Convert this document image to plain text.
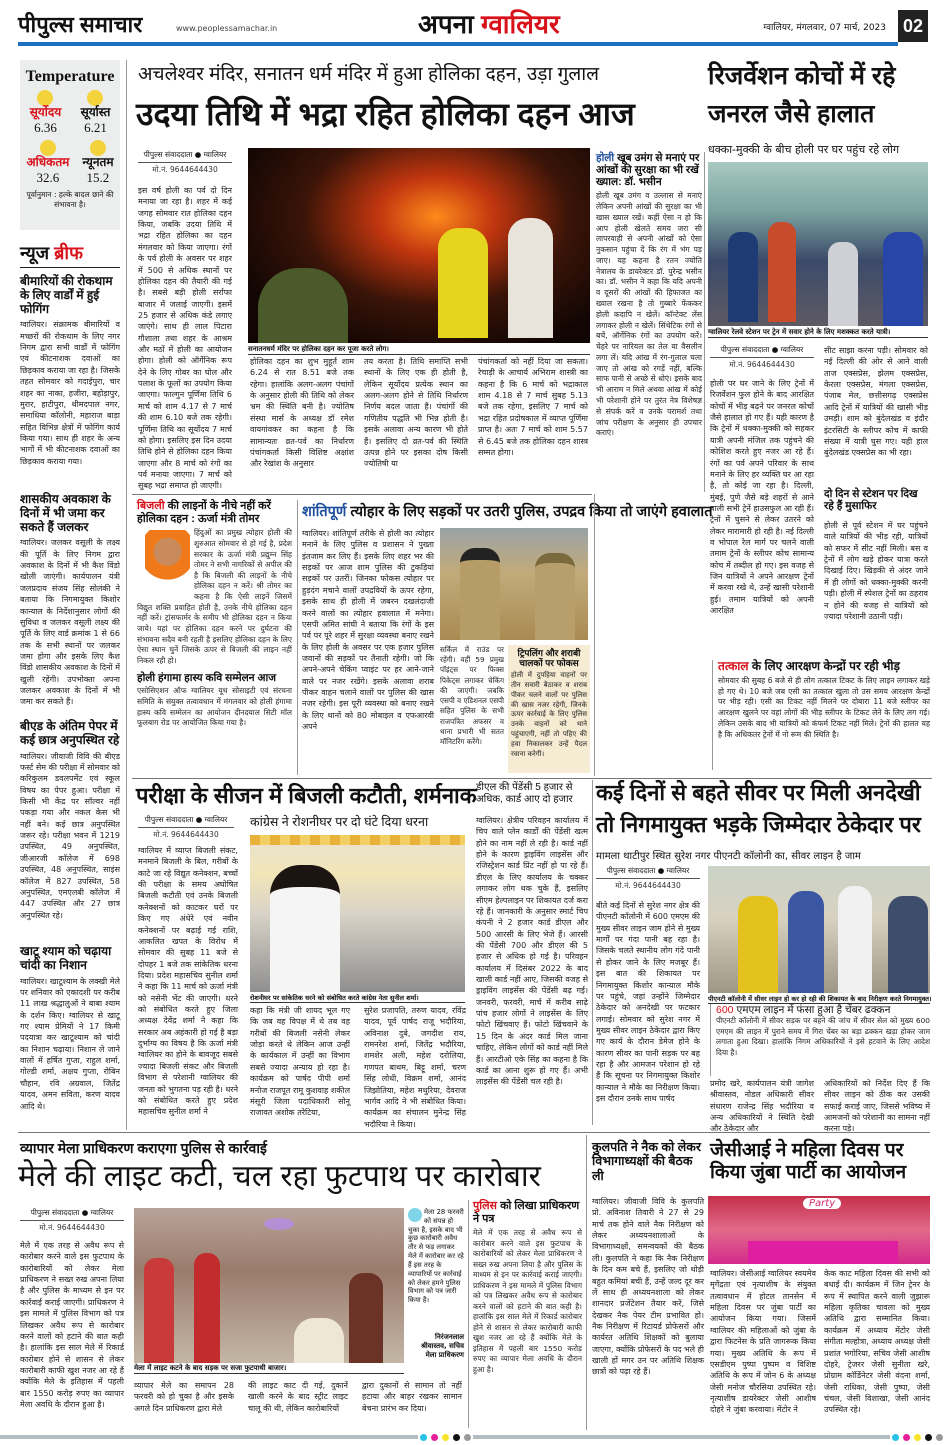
पीपुल्स समाचार	www.peoplessamachar.in	अपना ग्वालियर	ग्वालियर, मंगलवार, 07 मार्च, 2023 02
Temperature
सूर्योदय
6.36
सूर्यास्त
6.21
अधिकतम
32.6
न्यूनतम
15.2
पूर्वानुमान : हल्के बादल छाने की संभावना है।
न्यूज ब्रीफ
बीमारियों की रोकथाम के लिए वार्डों में हुई फोगिंग
ग्वालियर। संक्रामक बीमारियों व मच्छरों की रोकथाम के लिए नगर निगम द्वारा सभी वार्डों में फोगिंग एवं कीटनाशक दवाओं का छिड़काव कराया जा रहा है। जिसके तहत सोमवार को गदाईपुरा, चार शहर का नाका, हजीरा, बहोड़ापुर, मुरार, हाटीपुरा, थीमदपाल नगर, समाधिया कॉलोनी, महाराज बाड़ा सहित विभिन्न क्षेत्रों में फोगिंग कार्य किया गया। साथ ही शहर के अन्य भागों में भी कीटनाशक दवाओं का छिड़काव कराया गया।
शासकीय अवकाश के दिनों में भी जमा कर सकते हैं जलकर
ग्वालियर। जलकर वसूली के लक्ष्य की पूर्ति के लिए निगम द्वारा अवकाश के दिनों में भी कैश विंडो खोली जाएंगी। कार्यपालन यंत्री जलप्रदाय संजय सिंह सोलंकी ने बताया कि निगमायुक्त किशोर कान्याल के निर्देशानुसार लोगों की सुविधा व जलकर वसूली लक्ष्य की पूर्ति के लिए वार्ड क्रमांक 1 से 66 तक के सभी स्थानों पर जलकर जमा होगा और इसके लिए कैश विंडो शासकीय अवकाश के दिनों में खुली रहेंगी। उपभोक्ता अपना जलकर अवकाश के दिनों में भी जमा कर सकते हैं।
बीएड के अंतिम पेपर में कई छात्र अनुपस्थित रहे
ग्वालियर। जीवाजी विवि की बीएड फर्स्ट सेम की परीक्षा में सोमवार को करिकुलम डवलपमेंट एवं स्कूल विषय का पेपर हुआ। परीक्षा में किसी भी केंद्र पर सॉल्वर नहीं पकड़ा गया और नकल केस भी नहीं बने। कई छात्र अनुपस्थित जरूर रहे। परीक्षा भवन में 1219 उपस्थित, 49 अनुपस्थित, जीआरजी कॉलेज में 698 उपस्थित, 48 अनुपस्थित, साइंस कॉलेज में 827 उपस्थित, 58 अनुपस्थित, एमएलबी कॉलेज में 447 उपस्थित और 27 छात्र अनुपस्थित रहे।
खाटू श्याम को चढ़ाया चांदी का निशान
ग्वालियर। खाटूश्याम के लक्खी मेले पर शनिवार को एकादशी पर करीब 11 लाख श्रद्धालुओं ने बाबा श्याम के दर्शन किए। ग्वालियर से खाटू गए श्याम प्रेमियों ने 17 किमी पदयात्रा कर खाटूश्याम को चांदी का निशान चढ़ाया। निशान ले जाने वालों में हर्षित गुप्ता, राहुल शर्मा, गोल्डी शर्मा, अक्षय गुप्ता, रोबिन चौहान, रवि अग्रवाल, जितेंद्र यादव, अमन सविता, करण यादव आदि थे।
अचलेश्वर मंदिर, सनातन धर्म मंदिर में हुआ होलिका दहन, उड़ा गुलाल
उदया तिथि में भद्रा रहित होलिका दहन आज
पीपुल्स संवाददाता ● ग्वालियर
मो.नं. 9644644430
इस वर्ष होली का पर्व दो दिन मनाया जा रहा है। शहर में कई जगह सोमवार रात होलिका दहन किया, जबकि उदया तिथि में भद्रा रहित होलिका का दहन मंगलवार को किया जाएगा। रंगों के पर्व होली के अवसर पर शहर में 500 से अधिक स्थानों पर होलिका दहन की तैयारी की गई है। सबसे बड़ी होली सर्राफा बाजार में जलाई जाएगी। इसमें 25 हजार से अधिक कंडे लगाए जाएंगे। साथ ही लाल पिटारा गौशाला तथा शहर के आश्रम और मठों में होली का आयोजन होगा। होली को ऑर्गेनिक रूप देने के लिए गोबर का घोल और पलाश के फूलों का उपयोग किया जाएगा। फाल्गुन पूर्णिमा तिथि 6 मार्च को शाम 4.17 से 7 मार्च की शाम 6.10 बजे तक रहेगी। पूर्णिमा तिथि का सूर्योदय 7 मार्च को होगा। इसलिए इस दिन उदया तिथि होने से होलिका दहन किया जाएगा और 8 मार्च को रंगों का पर्व मनाया जाएगा। 7 मार्च को सुबह भद्रा समाप्त हो जाएगी।
सनातनधर्म मंदिर पर होलिका दहन कर पूजा करते लोग।
होलिका दहन का शुभ मुहूर्त शाम 6.24 से रात 8.51 बजे तक रहेगा। हालांकि अलग-अलग पंचांगों के अनुसार होली की तिथि को लेकर भ्रम की स्थिति बनी है। ज्योतिष संस्था मार्स के अध्यक्ष डॉ रमेश वायगांवकर का कहना है कि सामान्यतः व्रत-पर्व का निर्धारण पंचांगकर्ता किसी विशिष्ट अक्षांश और रेखांश के अनुसार
तय करता है। तिथि समाप्ति सभी स्थानों के लिए एक ही होती है, लेकिन सूर्योदय प्रत्येक स्थान का अलग-अलग होने से तिथि निर्धारण निर्णय बदल जाता है। पंचांगों की गणितीय पद्धति भी भिन्न होती है। इसके अलावा अन्य कारण भी होते हैं। इसलिए दो व्रत-पर्व की स्थिति उत्पन्न होने पर इसका दोष किसी ज्योतिषी या
पंचांगकर्ता को नहीं दिया जा सकता। रेचाड़ी के आचार्य अभिराम शास्त्री का कहना है कि 6 मार्च को भद्राकाल शाम 4.18 से 7 मार्च सुबह 5.13 बजे तक रहेगा, इसलिए 7 मार्च को भद्रा रहित प्रदोषकाल में व्याप्त पूर्णिमा प्राप्त है। अतः 7 मार्च को शाम 5.57 से 6.45 बजे तक होलिका दहन शास्त्र सम्मत होगा।
रिजर्वेशन कोचों में रहे
जनरल जैसे हालात
धक्का-मुक्की के बीच होली पर घर पहुंच रहे लोग
होली खूब उमंग से मनाएं पर आंखों की सुरक्षा का भी रखें ख्याल: डॉ. भसीन
होली खूब उमंग व उल्लास से मनाएं लेकिन अपनी आंखों की सुरक्षा का भी खास ख्याल रखें। कहीं ऐसा न हो कि आप होली खेलते समय जरा सी लापरवाही से अपनी आंखों को ऐसा नुकसान पहुंचा दें कि रंग में भंग पड़ जाए। यह कहना है रतन ज्योति नेत्रालय के डायरेक्टर डॉ. पुरेन्द्र भसीन का। डॉ. भसीन ने कहा कि यदि अपनी व दूसरों की आंखों की हिफाजत का ख्याल रखना है तो गुब्बारे फेंककर होली कदापि न खेलें। कॉन्टेक्ट लेंस लगाकर होली न खेलें। सिंथेटिक रंगों से बचें, ऑर्गेनिक रंगों का उपयोग करें। चेहरे पर नारियल का तेल या वैसलीन लगा लें। यदि आंख में रंग-गुलाल चला जाए तो आंख को रगड़ें नहीं, बल्कि साफ पानी से अच्छे से धोएं। इसके बाद भी आराम न मिले अथवा आंख में कोई भी परेशानी होने पर तुरंत नेत्र विशेषज्ञ से संपर्क करें व उनके परामर्श तथा जांच परीक्षण के अनुसार ही उपचार कराएं।
ग्वालियर रेलवे स्टेशन पर ट्रेन में सवार होने के लिए मशक्कत करते यात्री।
पीपुल्स संवाददाता ● ग्वालियर
मो.नं. 9644644430
होली पर घर जाने के लिए ट्रेनों में रिजर्वेशन फुल होने के बाद आरक्षित कोचों में भीड़ बढ़ने पर जनरल कोचों जैसे हालात हो गए हैं। यही कारण है कि ट्रेनों में धक्का-मुक्की को सहकर यात्री अपनी मंजिल तक पहुंचने की कोशिश करते हुए नजर आ रहे हैं। रंगों का पर्व अपने परिवार के साथ मनाने के लिए हर व्यक्ति घर आ रहा है, तो कोई जा रहा है। दिल्ली, मुंबई, पुणे जैसे बड़े शहरों से आने वाली सभी ट्रेनें हाउसफुल आ रही हैं। ट्रेनों में घुसने से लेकर उतरने को लेकर मारामारी हो रही है। नई दिल्ली व भोपाल रेल मार्ग पर चलने वाली तमाम ट्रेनों के स्लीपर कोच सामान्य कोच में तब्दील हो गए। इस वजह से जिन यात्रियों ने अपने आरक्षण ट्रेनों में करवा रखे थे, उन्हें खासी परेशानी हुई। तमाम यात्रियों को अपनी आरक्षित
सीट साझा करना पड़ी। सोमवार को नई दिल्ली की ओर से आने वाली ताज एक्सप्रेस, झेलम एक्सप्रेस, केरला एक्सप्रेस, मंगला एक्सप्रेस, पंजाब मेल, छत्तीसगढ़ एक्सप्रेस आदि ट्रेनों में यात्रियों की खासी भीड़ उमड़ी। शाम को बुंदेलखंड व इंदौर इंटरसिटी के स्लीपर कोच में काफी संख्या में यात्री घुस गए। यही हाल बुंदेलखंड एक्सप्रेस का भी रहा।
दो दिन से स्टेशन पर दिख रहे हैं मुसाफिर
होली से पूर्व स्टेशन में घर पहुंचने वाले यात्रियों की भीड़ रही, यात्रियों को सफर में सीट नहीं मिली। बस व ट्रेनों में लोग खड़े होकर यात्रा करते दिखाई दिए। खिड़की से अंदर जाने में ही लोगों को धक्का-मुक्की करनी पड़ी। होली में स्पेशल ट्रेनों का ठहराव न होने की वजह से यात्रियों को ज्यादा परेशानी उठानी पड़ी।
तत्काल के लिए आरक्षण केन्द्रों पर रही भीड़
सोमवार की सुबह 6 बजे से ही लोग तत्काल टिकट के लिए लाइन लगाकर खड़े हो गए थे। 10 बजे जब एसी का तत्काल खुला तो उस समय आरक्षण केन्द्रों पर भीड़ रही। एसी का टिकट नहीं मिलने पर दोबारा 11 बजे स्लीपर का आरक्षण खुलने पर वहां लोगों की भीड़ स्लीपर के टिकट लेने के लिए लग गई। लेकिन उसके बाद भी यात्रियों को कंफर्म टिकट नहीं मिले। ट्रेनों की हालत यह है कि अधिकतर ट्रेनों में नो रूम की स्थिति है।
बिजली की लाइनों के नीचे नहीं करें होलिका दहन : ऊर्जा मंत्री तोमर
हिंदुओं का प्रमुख त्योहार होली की शुरुआत सोमवार से हो गई है, प्रदेश सरकार के ऊर्जा मंत्री प्रद्युम्न सिंह तोमर ने सभी नागरिकों से अपील की है कि बिजली की लाइनों के नीचे होलिका दहन न करें। श्री तोमर का कहना है कि ऐसी लाइनें जिसमें विद्युत शक्ति प्रवाहित होती है, उनके नीचे होलिका दहन नहीं करें। ट्रांसफार्मर के समीप भी होलिका दहन न किया जाये। यहां पर होलिका दहन करने पर दुर्घटना की संभावना सदैव बनी रहती है इसलिए होलिका दहन के लिए ऐसा स्थान चुनें जिसके ऊपर से बिजली की लाइन नहीं निकल रही हो।
होली हंगामा हास्य कवि सम्मेलन आज
एसोसिएशन ऑफ ग्वालियर यूथ सोसाइटी एवं संरचना समिति के संयुक्त तत्वावधान में मंगलवार को होली हंगामा हास्य कवि सम्मेलन का आयोजन दीनदयाल सिटी मॉल फूलबाग रोड पर आयोजित किया गया है।
शांतिपूर्ण त्योहार के लिए सड़कों पर उतरी पुलिस, उपद्रव किया तो जाएंगे हवालात
ग्वालियर। शांतिपूर्ण तरीके से होली का त्योहार मनाने के लिए पुलिस व प्रशासन ने पुख्ता इंतजाम कर लिए हैं। इसके लिए शहर भर की सड़कों पर आज शाम पुलिस की टुकड़ियां सड़कों पर उतरीं। जिनका फोकस त्योहार पर हुड़दंग मचाने वालों उपद्रवियों के ऊपर रहेगा, इसके साथ ही होली में जबरन दखलंदाजी करने वालों का त्योहार हवालात में मनेगा। एसपी अमित सांघी ने बताया कि रंगों के इस पर्व पर पूरे शहर में सुरक्षा व्यवस्था बनाए रखने के लिए होली के अवसर पर एक हजार पुलिस जवानों की सड़कों पर तैनाती रहेगी। जो कि अपने-अपने चेकिंग प्वाइंट पर हर आने-जाने वाले पर नजर रखेंगे। इसके अलावा शराब पीकर वाहन चलाने वालों पर पुलिस की खास नजर रहेगी। इस पूरी व्यवस्था को बनाए रखने के लिए थानों को 80 मोबाइल व एफआरवी अपने
सर्किल में राउंड पर रहेंगी। वहीं 59 प्रमुख पॉइंट्स पर फिक्स पिकेट्स लगाकर चेकिंग की जाएगी। जबकि एसपी व एडिशनल एसपी सहित पुलिस के सभी राजपत्रित अफसर व थाना प्रभारी भी सतत मॉनिटरिंग करेंगे।
ट्रिपलिंग और शराबी चालकों पर फोकस
होली में दुपहिया वाहनों पर तीन सवारी बैठाकर व शराब पीकर चलने वालों पर पुलिस की खास नजर रहेगी, जिनके ऊपर कार्रवाई के लिए पुलिस उनके वाहनों को थाने पहुंचाएगी, नहीं तो पहिए की हवा निकालकर उन्हें पैदल रवाना करेगी।
परीक्षा के सीजन में बिजली कटौती, शर्मनाक
पीपुल्स संवाददाता ● ग्वालियर
मो.नं. 9644644430
कांग्रेस ने रोशनीघर पर दो घंटे दिया धरना
ग्वालियर में व्याप्त बिजली संकट, मनमाने बिजली के बिल, गरीबों के काटे जा रहे विद्युत कनेक्शन, बच्चों की परीक्षा के समय अघोषित बिजली कटौती एवं उनके बिजली कनेक्शनों को काटकर घरों पर किए गए अंधेरे एवं नवीन कनेक्शनों पर बढ़ाई गई राशि, आकलित खपत के विरोध में सोमवार की सुबह 11 बजे से दोपहर 1 बजे तक सांकेतिक धरना दिया। प्रदेश महासचिव सुनील शर्मा ने कहा कि 11 मार्च को ऊर्जा मंत्री को नसेनी भेंट की जाएगी। धरने को संबोधित करते हुए जिला अध्यक्ष देवेंद्र शर्मा ने कहा कि सरकार अब अहंकारी हो गई है बड़ा दुर्भाग्य का विषय है कि ऊर्जा मंत्री ग्वालियर का होने के बावजूद सबसे ज्यादा बिजली संकट और बिजली विभाग से परेशानी ग्वालियर की जनता को भुगतना पड़ रही है। धरने को संबोधित करते हुए प्रदेश महासचिव सुनील शर्मा ने
रोशनीघर पर सांकेतिक धरने को संबोधित करते कांग्रेस नेता सुनील शर्मा।
कहा कि मंत्री जी शायद भूल गए कि जब वह विपक्ष में थे तब वह गरीबों की बिजली नसेनी लेकर जोड़ा करते थे लेकिन आज उन्हीं के कार्यकाल में उन्हीं का विभाग सबसे ज्यादा अन्याय हो रहा है। कार्यक्रम को पार्षद पीपी शर्मा मनोज राजपूत रामू कुशवाह शकील मंसूरी जिला पदाधिकारी सोनू राजावत अशोक तरेटिया,
सुरेश प्रजापति, तरुण यादव, रविंद्र यादव, पूर्व पार्षद राजू भदौरिया, अविनाश दुबे, जगदीश राय, रामनरेश शर्मा, जितेंद्र भदौरिया, शमशेर अली, महेश दरोलिया, गणपत बाथम, बिट्टू शर्मा, चरण सिंह लोधी, विक्रम शर्मा, आनंद जिझोतिया, महेश मथुरिया, देवराज भार्गव आदि ने भी संबोधित किया। कार्यक्रम का संचालन मुनेन्द्र सिंह भदौरिया ने किया।
डीएल की पेंडेंसी 5 हजार से अधिक, कार्ड आए दो हजार
ग्वालियर। क्षेत्रीय परिवहन कार्यालय में चिप वाले प्लेन कार्डों की पेंडेंसी खत्म होने का नाम नहीं ले रही है। कार्ड नहीं होने के कारण ड्राइविंग लाइसेंस और रजिस्ट्रेशन कार्ड प्रिंट नहीं हो पा रहे हैं। डीएल के लिए कार्यालय के चक्कर लगाकर लोग थक चुके हैं, इसलिए सीएम हेल्पलाइन पर शिकायत दर्ज करा रहे हैं। जानकारी के अनुसार स्मार्ट चिप कंपनी ने 2 हजार कार्ड डीएल और 500 आरसी के लिए भेजे हैं। आरसी की पेंडेंसी 700 और डीएल की 5 हजार से अधिक हो गई है। परिवहन कार्यालय में दिसंबर 2022 के बाद खाली कार्ड नहीं आए, जिसकी वजह से ड्राइविंग लाइसेंस की पेंडेंसी बढ़ गई। जनवरी, फरवरी, मार्च में करीब साढ़े पांच हजार लोगों ने लाइसेंस के लिए फोटो खिंचवाए हैं। फोटो खिंचवाने के 15 दिन के अंदर कार्ड मिल जाना चाहिए, लेकिन लोगों को कार्ड नहीं मिले हैं। आरटीओ एके सिंह का कहना है कि कार्ड का आना शुरू हो गए हैं। अभी लाइसेंस की पेंडेंसी चल रही है।
कई दिनों से बहते सीवर पर मिली अनदेखी
तो निगमायुक्त भड़के जिम्मेदार ठेकेदार पर
मामला थाटीपुर स्थित सुरेश नगर पीएनटी कॉलोनी का, सीवर लाइन है जाम
पीपुल्स संवाददाता ● ग्वालियर
मो.नं. 9644644430
बीते कई दिनों से सुरेश नगर क्षेत्र की पीएनटी कॉलोनी में 600 एमएम की मुख्य सीवर लाइन जाम होने से मुख्य मार्गों पर गंदा पानी बह रहा है। जिसके चलते स्थानीय लोग गंदे पानी से होकर जाने के लिए मजबूर हैं। इस बात की शिकायत पर निगमायुक्त किशोर कान्याल मौके पर पहुंचे, जहां उन्होंने जिम्मेदार ठेकेदार को अनदेखी पर फटकार लगाई। सोमवार को सुरेश नगर में मुख्य सीवर लाइन ठेकेदार द्वारा किए गए कार्य के दौरान डेमेज होने के कारण सीवर का पानी सड़क पर बह रहा है और आमजन परेशान हो रहे हैं कि सूचना पर निगमायुक्त किशोर कान्याल ने मौके का निरीक्षण किया। इस दौरान उनके साथ पार्षद
पीएनटी कॉलोनी में सीवर लाइन हो कर हो रही की शिकायत के बाद निरीक्षण करते निगमायुक्त।
600 एमएम लाइन में फंसा हुआ है चेंबर ढक्कन
पीएनटी कॉलोनी में सीवर सड़क पर बहने की जांच में सीवर सेल को मुख्य 600 एमएम की लाइन में पुराने समय में गिरा चेंबर का बड़ा ढक्कन खड़ा होकर जाम लगाता हुआ दिखा। हालांकि निगम अधिकारियों ने इसे हटवाने के लिए आदेश दिया है।
प्रमोद खरे, कार्यपालन यंत्री जागेश श्रीवास्तव, नोडल अधिकारी सीवर संधारण राजेन्द्र सिंह भदौरिया व अन्य अधिकारियों ने स्थिति देखी और ठेकेदार और
अधिकारियों को निर्देश दिए हैं कि सीवर लाइन को ठीक कर उसकी सफाई कराई जाए, जिससे भविष्य में आमजनों को परेशानी का सामना नहीं करना पड़े।
व्यापार मेला प्राधिकरण कराएगा पुलिस से कार्रवाई
मेले की लाइट कटी, चल रहा फुटपाथ पर कारोबार
पीपुल्स संवाददाता ● ग्वालियर
मो.नं. 9644644430
मेले में एक तरह से अवैध रूप से कारोबार करने वाले इस फुटपाथ के कारोबारियों को लेकर मेला प्राधिकरण ने सख्त रुख अपना लिया है और पुलिस के माध्यम से इन पर कार्रवाई कराई जाएगी। प्राधिकरण ने इस मामले में पुलिस विभाग को पत्र लिखकर अवैध रूप से कारोबार करने वालों को हटाने की बात कही है। हालांकि इस साल मेले में रिकार्ड कारोबार होने से शासन से लेकर कारोबारी काफी खुश नजर आ रहे हैं क्योंकि मेले के इतिहास में पहली बार 1550 करोड़ रुपए का व्यापार मेला अवधि के दौरान हुआ है।
मेला में लाइट कटने के बाद सड़क पर सजा फुटपाथी बाजार।
मेला 28 फरवरी को संपन्न हो चुका है, इसके बाद भी कुछ कारोबारी अवैध तौर से फड़ लगाकर मेले में कारोबार कर रहे हैं इस तरह के व्यापारियों पर कार्रवाई को लेकर हमने पुलिस विभाग को पत्र जारी किया है।
निरंजनलाल श्रीवास्तव, सचिव मेला प्राधिकरण
व्यापार मेले का समापन 28 फरवरी को हो चुका है और इसके अगले दिन प्राधिकरण द्वारा मेले
की लाइट काट दी गई, दुकानें खाली करने के बाद स्ट्रीट लाइट चालू की थी, लेकिन कारोबारियों
द्वारा दुकानों से सामान तो नहीं हटाया और बाहर रखकर सामान बेचना प्रारंभ कर दिया।
पुलिस को लिखा प्राधिकरण ने पत्र
मेले में एक तरह से अवैध रूप से कारोबार करने वाले इस फुटपाथ के कारोबारियों को लेकर मेला प्राधिकरण ने सख्त रुख अपना लिया है और पुलिस के माध्यम से इन पर कार्रवाई कराई जाएगी। प्राधिकरण ने इस मामले में पुलिस विभाग को पत्र लिखकर अवैध रूप से कारोबार करने वालों को हटाने की बात कही है। हालांकि इस साल मेले में रिकार्ड कारोबार होने से शासन से लेकर कारोबारी काफी खुश नजर आ रहे हैं क्योंकि मेले के इतिहास में पहली बार 1550 करोड़ रुपए का व्यापार मेला अवधि के दौरान हुआ है।
कुलपति ने नैक को लेकर विभागाध्यक्षों की बैठक ली
ग्वालियर। जीवाजी विवि के कुलपति प्रो. अविनाश तिवारी ने 27 से 29 मार्च तक होने वाले नैक निरीक्षण को लेकर अध्ययनशालाओं के विभागाध्यक्षों, समन्वयकों की बैठक ली। कुलपति ने कहा कि नैक निरीक्षण के दिन कम बचे हैं, इसलिए जो थोड़ी बहुत कमियां बची हैं, उन्हें जल्द दूर कर लें साथ ही अध्ययनशाला को लेकर शानदार प्रजेंटेशन तैयार करें, जिसे देखकर नैक पेयर टीम प्रभावित हो। नैक निरीक्षण में रिटायर्ड प्रोफेसरों और कार्यरत अतिथि शिक्षकों को बुलाया जाएगा, क्योंकि प्रोफेसरों के पद भले ही खाली हों मगर उन पर अतिथि शिक्षक छात्रों को पढ़ा रहे हैं।
जेसीआई ने महिला दिवस पर किया जुंबा पार्टी का आयोजन
Party
ग्वालियर। जेसीआई ग्वालियर स्वयमेव मृगेंद्रता एवं नृत्याशीष के संयुक्त तत्वावधान में होटल तानसेन में महिला दिवस पर जुंबा पार्टी का आयोजन किया गया। जिसमें ग्वालियर की महिलाओं को जुंबा के द्वारा फिटनेस के प्रति जागरूक किया गया। मुख्य अतिथि के रूप में एसडीएम पुष्पा पुष्पम व विशिष्ट अतिथि के रूप में जोन 6 के अध्यक्ष जेसी मनोज चौरसिया उपस्थित रहे। नृत्याशीष डायरेक्टर जेसी आशीष दोहरे ने जुंबा करवाया। मेंटोर ने
केक काट महिला दिवस की सभी को बधाई दी। कार्यक्रम में जिन ट्रेनर के रूप में स्थापित करने वाली जुझारू महिला कृतिका चावला को मुख्य अतिथि द्वारा सम्मानित किया। कार्यक्रम में अध्याय मेंटोर जेसी संगीता मल्होत्रा, अध्याय अध्यक्ष जेसी प्रशांत भगोरिया, सचिव जेसी आशीष दोहरे, ट्रेजरर जेसी सुनीता खरे, प्रोग्राम कॉर्डिनेटर जेसी वंदना शर्मा, जेसी राधिका, जेसी पुष्पा, जेसी चंचल, जेसी विशाखा, जेसी आनंद उपस्थित रहे।
